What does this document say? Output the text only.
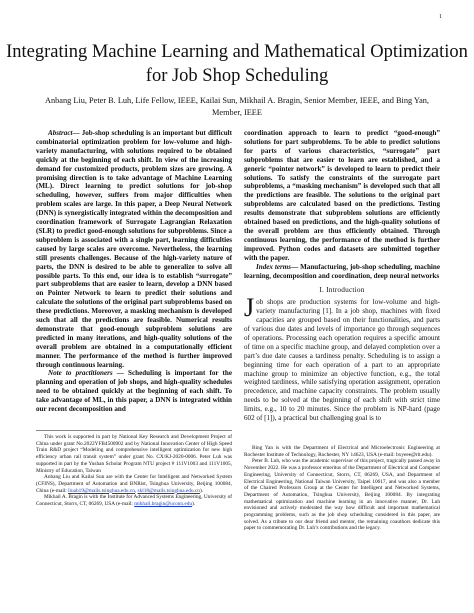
1
Integrating Machine Learning and Mathematical Optimization for Job Shop Scheduling
Anbang Liu, Peter B. Luh, Life Fellow, IEEE, Kailai Sun, Mikhail A. Bragin, Senior Member, IEEE, and Bing Yan, Member, IEEE

Abstract— Job-shop scheduling is an important but difficult combinatorial optimization problem for low-volume and high-variety manufacturing, with solutions required to be obtained quickly at the beginning of each shift. In view of the increasing demand for customized products, problem sizes are growing. A promising direction is to take advantage of Machine Learning (ML). Direct learning to predict solutions for job-shop scheduling, however, suffers from major difficulties when problem scales are large. In this paper, a Deep Neural Network (DNN) is synergistically integrated within the decomposition and coordination framework of Surrogate Lagrangian Relaxation (SLR) to predict good-enough solutions for subproblems. Since a subproblem is associated with a single part, learning difficulties caused by large scales are overcome. Nevertheless, the learning still presents challenges. Because of the high-variety nature of parts, the DNN is desired to be able to generalize to solve all possible parts. To this end, our idea is to establish “surrogate” part subproblems that are easier to learn, develop a DNN based on Pointer Network to learn to predict their solutions and calculate the solutions of the original part subproblems based on these predictions. Moreover, a masking mechanism is developed such that all the predictions are feasible. Numerical results demonstrate that good-enough subproblem solutions are predicted in many iterations, and high-quality solutions of the overall problem are obtained in a computationally efficient manner. The performance of the method is further improved through continuous learning.

Note to practitioners — Scheduling is important for the planning and operation of job shops, and high-quality schedules need to be obtained quickly at the beginning of each shift. To take advantage of ML, in this paper, a DNN is integrated within our recent decomposition and

coordination approach to learn to predict “good-enough” solutions for part subproblems. To be able to predict solutions for parts of various characteristics, “surrogate” part subproblems that are easier to learn are established, and a generic “pointer network” is developed to learn to predict their solutions. To satisfy the constraints of the surrogate part subproblems, a “masking mechanism” is developed such that all the predictions are feasible. The solutions to the original part subproblems are calculated based on the predictions. Testing results demonstrate that subproblem solutions are efficiently obtained based on predictions, and the high-quality solutions of the overall problem are thus efficiently obtained. Through continuous learning, the performance of the method is further improved. Python codes and datasets are submitted together with the paper.

Index terms— Manufacturing, job-shop scheduling, machine learning, decomposition and coordination, deep neural networks

I. Introduction
Job shops are production systems for low-volume and high-variety manufacturing [1]. In a job shop, machines with fixed capacities are grouped based on their functionalities, and parts of various due dates and levels of importance go through sequences of operations. Processing each operation requires a specific amount of time on a specific machine group, and delayed completion over a part’s due date causes a tardiness penalty. Scheduling is to assign a beginning time for each operation of a part to an appropriate machine group to minimize an objective function, e.g., the total weighted tardiness, while satisfying operation assignment, operation precedence, and machine capacity constraints. The problem usually needs to be solved at the beginning of each shift with strict time limits, e.g., 10 to 20 minutes. Since the problem is NP-hard (page 602 of [1]), a practical but challenging goal is to

This work is supported in part by National Key Research and Development Project of China under grant No.2022YFB4500902 and by National Innovation Center of High Speed Train R&D project “Modeling and comprehensive intelligent optimization for new high efficiency urban rail transit system” under grant No. CX/KJ-2020-0006. Peter Luh was supported in part by the Yushan Scholar Program NTU project # 111V1003 and 111V1005, Ministry of Education, Taiwan

Anbang Liu and Kailai Sun are with the Center for Intelligent and Networked System (CFINS), Department of Automation and BNRist, Tsinghua University, Beijing 100084, China (e-mail: liuab19@mails.tsinghua.edu.cn, skl18@mails.tsinghua.edu.cn).

Mikhail A. Bragin is with the Institute for Advanced Systems Engineering, University of Connecticut, Storrs, CT, 06269, USA (e-mail: mikhail.bragin@uconn.edu).

Bing Yan is with the Department of Electrical and Microelectronic Engineering at Rochester Institute of Technology, Rochester, NY 14623, USA (e-mail: bxyeee@rit.edu).

Peter B. Luh, who was the academic supervisor of this project, tragically passed away in November 2022. He was a professor emeritus of the Department of Electrical and Computer Engineering, University of Connecticut, Storrs, CT, 06269, USA, and Department of Electrical Engineering, National Taiwan University, Taipei 10617, and was also a member of the Chaired Professors Group at the Center for Intelligent and Networked Systems, Department of Automation, Tsinghua University, Beijing 100084. By integrating mathematical optimization and machine learning in an innovative manner, Dr. Luh envisioned and actively moderated the way how difficult and important mathematical programming problems, such as the job shop scheduling considered in this paper, are solved. As a tribute to our dear friend and mentor, the remaining coauthors dedicate this paper to commemorating Dr. Luh’s contributions and the legacy.
